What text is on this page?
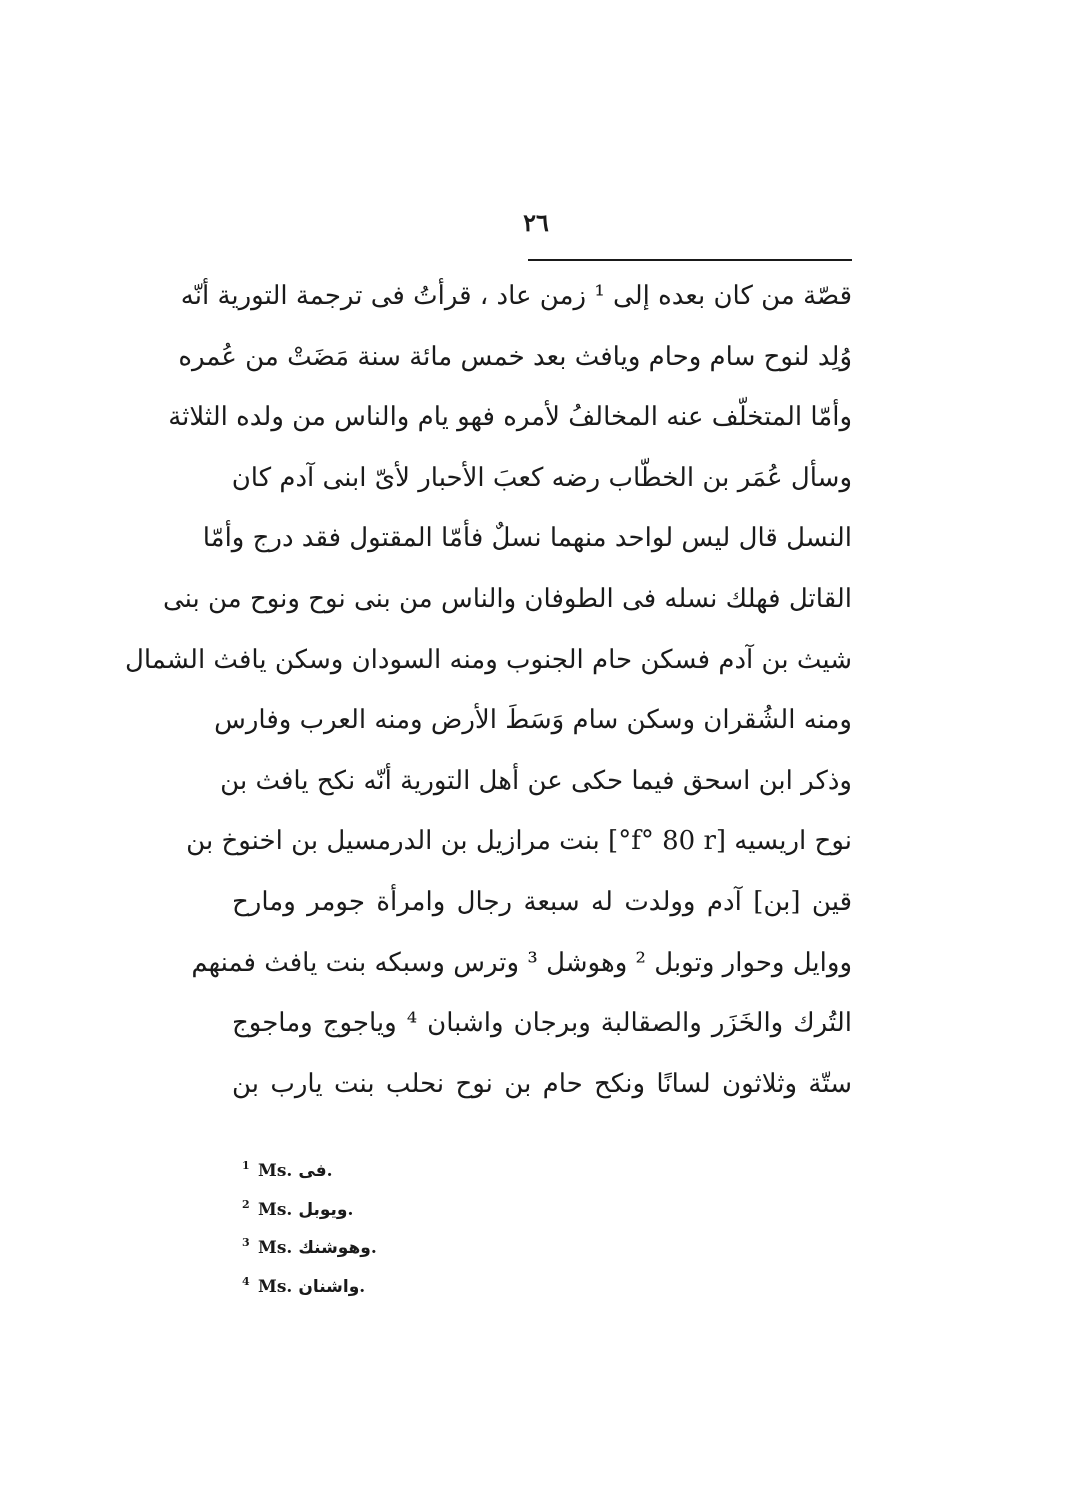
٢٦
قصّة من كان بعده إلى ¹ زمن عاد ، قرأتُ فى ترجمة التورية أنّه
وُلِد لنوح سام وحام ويافث بعد خمس مائة سنة مَضَتْ من عُمره
وأمّا المتخلّف عنه المخالفُ لأمره فهو يام والناس من ولده الثلاثة
وسأل عُمَر بن الخطّاب رضه كعبَ الأحبار لأىّ ابنى آدم كان
النسل قال ليس لواحد منهما نسلٌ فأمّا المقتول فقد درج وأمّا
القاتل فهلك نسله فى الطوفان والناس من بنى نوح ونوح من بنى
شيث بن آدم فسكن حام الجنوب ومنه السودان وسكن يافث الشمال
ومنه الشُقران وسكن سام وَسَطَ الأرض ومنه العرب وفارس
وذكر ابن اسحق فيما حكى عن أهل التورية أنّه نكح يافث بن
نوح اريسيه [f° 80 r°] بنت مرازيل بن الدرمسيل بن اخنوخ بن
قين [بن] آدم وولدت له سبعة رجال وامرأة جومر ومارح
ووايل وحوار وتوبل ² وهوشل ³ وترس وسبكه بنت يافث فمنهم
التُرك والخَزَر والصقالبة وبرجان واشبان ⁴ وياجوج وماجوج
ستّة وثلاثون لسانًا ونكح حام بن نوح نحلب بنت يارب بن
1 Ms. فى.
2 Ms. ويوبل.
3 Ms. وهوشنك.
4 Ms. واشنان.
